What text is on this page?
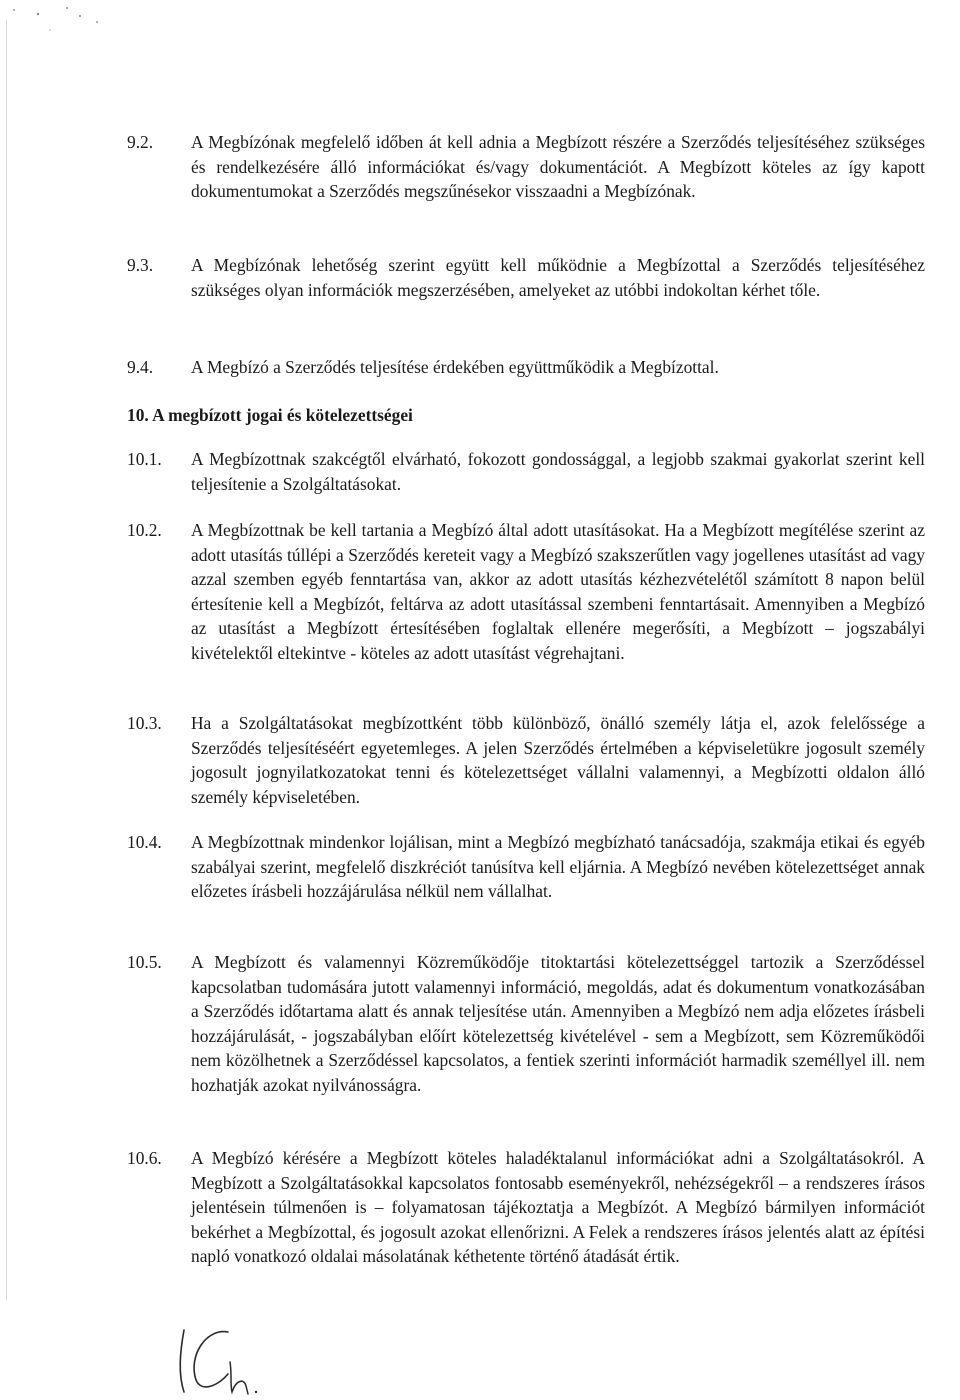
9.2.	A Megbízónak megfelelő időben át kell adnia a Megbízott részére a Szerződés teljesítéséhez szükséges és rendelkezésére álló információkat és/vagy dokumentációt. A Megbízott köteles az így kapott dokumentumokat a Szerződés megszűnésekor visszaadni a Megbízónak.

9.3.	A Megbízónak lehetőség szerint együtt kell működnie a Megbízottal a Szerződés teljesítéséhez szükséges olyan információk megszerzésében, amelyeket az utóbbi indokoltan kérhet tőle.

9.4.	A Megbízó a Szerződés teljesítése érdekében együttműködik a Megbízottal.

10. A megbízott jogai és kötelezettségei
10.1.	A Megbízottnak szakcégtől elvárható, fokozott gondossággal, a legjobb szakmai gyakorlat szerint kell teljesítenie a Szolgáltatásokat.

10.2.	A Megbízottnak be kell tartania a Megbízó által adott utasításokat. Ha a Megbízott megítélése szerint az adott utasítás túllépi a Szerződés kereteit vagy a Megbízó szakszerűtlen vagy jogellenes utasítást ad vagy azzal szemben egyéb fenntartása van, akkor az adott utasítás kézhezvételétől számított 8 napon belül értesítenie kell a Megbízót, feltárva az adott utasítással szembeni fenntartásait. Amennyiben a Megbízó az utasítást a Megbízott értesítésében foglaltak ellenére megerősíti, a Megbízott – jogszabályi kivételektől eltekintve - köteles az adott utasítást végrehajtani.

10.3.	Ha a Szolgáltatásokat megbízottként több különböző, önálló személy látja el, azok felelőssége a Szerződés teljesítéséért egyetemleges. A jelen Szerződés értelmében a képviseletükre jogosult személy jogosult jognyilatkozatokat tenni és kötelezettséget vállalni valamennyi, a Megbízotti oldalon álló személy képviseletében.

10.4.	A Megbízottnak mindenkor lojálisan, mint a Megbízó megbízható tanácsadója, szakmája etikai és egyéb szabályai szerint, megfelelő diszkréciót tanúsítva kell eljárnia. A Megbízó nevében kötelezettséget annak előzetes írásbeli hozzájárulása nélkül nem vállalhat.

10.5.	A Megbízott és valamennyi Közreműködője titoktartási kötelezettséggel tartozik a Szerződéssel kapcsolatban tudomására jutott valamennyi információ, megoldás, adat és dokumentum vonatkozásában a Szerződés időtartama alatt és annak teljesítése után. Amennyiben a Megbízó nem adja előzetes írásbeli hozzájárulását, - jogszabályban előírt kötelezettség kivételével - sem a Megbízott, sem Közreműködői nem közölhetnek a Szerződéssel kapcsolatos, a fentiek szerinti információt harmadik személlyel ill. nem hozhatják azokat nyilvánosságra.

10.6.	A Megbízó kérésére a Megbízott köteles haladéktalanul információkat adni a Szolgáltatásokról. A Megbízott a Szolgáltatásokkal kapcsolatos fontosabb eseményekről, nehézségekről – a rendszeres írásos jelentésein túlmenően is – folyamatosan tájékoztatja a Megbízót. A Megbízó bármilyen információt bekérhet a Megbízottal, és jogosult azokat ellenőrizni. A Felek a rendszeres írásos jelentés alatt az építési napló vonatkozó oldalai másolatának kéthetente történő átadását értik.
